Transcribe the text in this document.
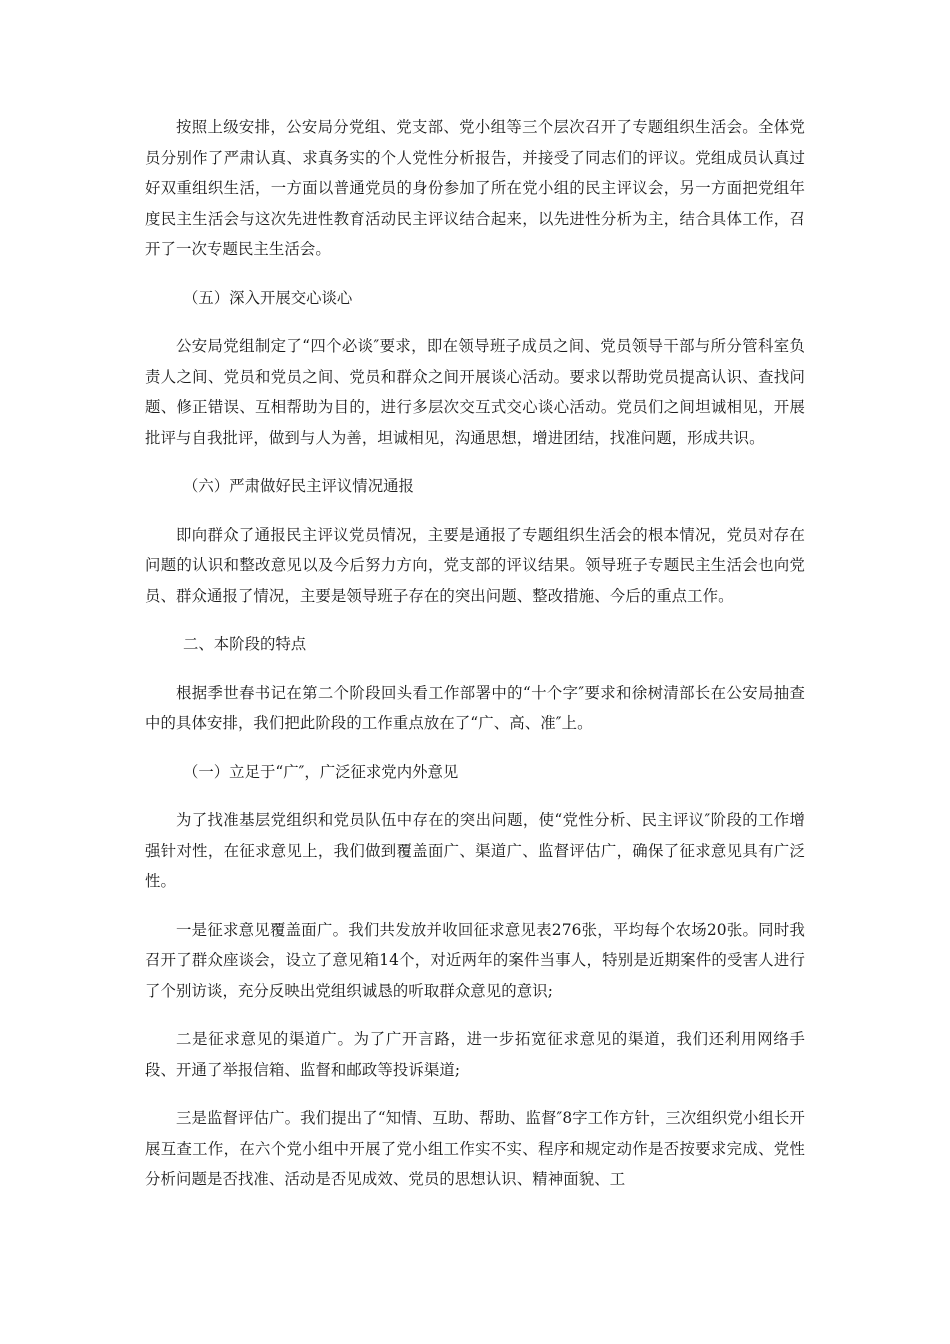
按照上级安排，公安局分党组、党支部、党小组等三个层次召开了专题组织生活会。全体党员分别作了严肃认真、求真务实的个人党性分析报告，并接受了同志们的评议。党组成员认真过好双重组织生活，一方面以普通党员的身份参加了所在党小组的民主评议会，另一方面把党组年度民主生活会与这次先进性教育活动民主评议结合起来，以先进性分析为主，结合具体工作，召开了一次专题民主生活会。

（五）深入开展交心谈心

公安局党组制定了“四个必谈″要求，即在领导班子成员之间、党员领导干部与所分管科室负责人之间、党员和党员之间、党员和群众之间开展谈心活动。要求以帮助党员提高认识、查找问题、修正错误、互相帮助为目的，进行多层次交互式交心谈心活动。党员们之间坦诚相见，开展批评与自我批评，做到与人为善，坦诚相见，沟通思想，增进团结，找准问题，形成共识。

（六）严肃做好民主评议情况通报

即向群众了通报民主评议党员情况，主要是通报了专题组织生活会的根本情况，党员对存在问题的认识和整改意见以及今后努力方向，党支部的评议结果。领导班子专题民主生活会也向党员、群众通报了情况，主要是领导班子存在的突出问题、整改措施、今后的重点工作。

二、本阶段的特点

根据季世春书记在第二个阶段回头看工作部署中的“十个字″要求和徐树清部长在公安局抽查中的具体安排，我们把此阶段的工作重点放在了“广、高、准″上。

（一）立足于“广″，广泛征求党内外意见

为了找准基层党组织和党员队伍中存在的突出问题，使“党性分析、民主评议″阶段的工作增强针对性，在征求意见上，我们做到覆盖面广、渠道广、监督评估广，确保了征求意见具有广泛性。

一是征求意见覆盖面广。我们共发放并收回征求意见表276张，平均每个农场20张。同时我召开了群众座谈会，设立了意见箱14个，对近两年的案件当事人，特别是近期案件的受害人进行了个别访谈，充分反映出党组织诚恳的听取群众意见的意识;

二是征求意见的渠道广。为了广开言路，进一步拓宽征求意见的渠道，我们还利用网络手段、开通了举报信箱、监督和邮政等投诉渠道;

三是监督评估广。我们提出了“知情、互助、帮助、监督″8字工作方针，三次组织党小组长开展互查工作，在六个党小组中开展了党小组工作实不实、程序和规定动作是否按要求完成、党性分析问题是否找准、活动是否见成效、党员的思想认识、精神面貌、工
